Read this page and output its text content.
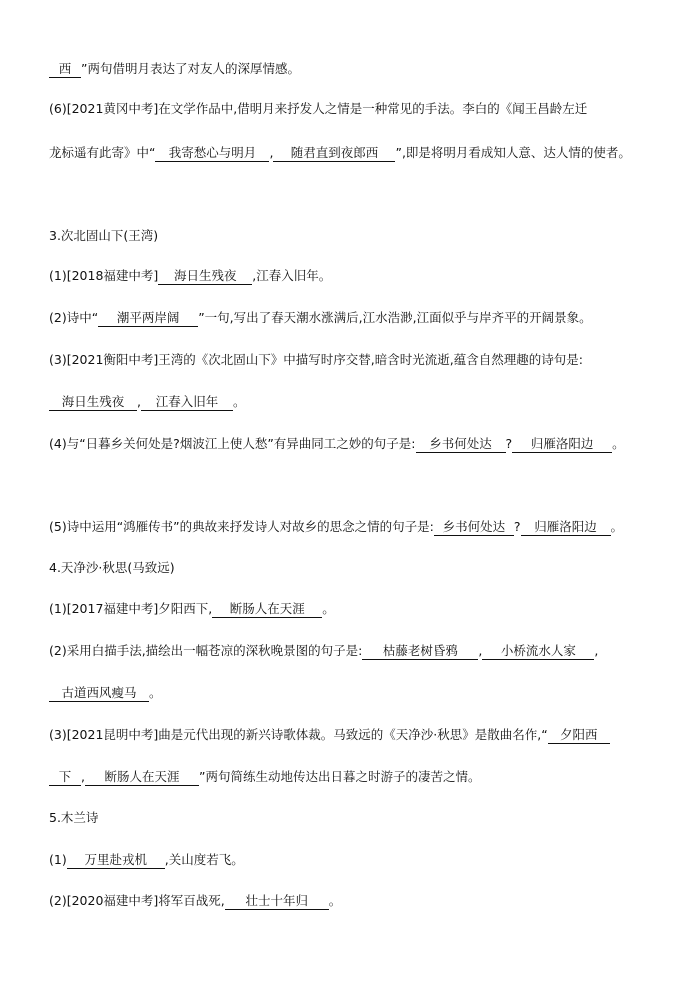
西 ”两句借明月表达了对友人的深厚情感。
(6)[2021黄冈中考]在文学作品中,借明月来抒发人之情是一种常见的手法。李白的《闻王昌龄左迁
龙标遥有此寄》中“ 我寄愁心与明月 , 随君直到夜郎西 ”,即是将明月看成知人意、达人情的使者。
3.次北固山下(王湾)
(1)[2018福建中考] 海日生残夜 ,江春入旧年。
(2)诗中“ 潮平两岸阔 ”一句,写出了春天潮水涨满后,江水浩渺,江面似乎与岸齐平的开阔景象。
(3)[2021衡阳中考]王湾的《次北固山下》中描写时序交替,暗含时光流逝,蕴含自然理趣的诗句是:
海日生残夜 , 江春入旧年 。
(4)与“日暮乡关何处是?烟波江上使人愁”有异曲同工之妙的句子是: 乡书何处达 ? 归雁洛阳边 。
(5)诗中运用“鸿雁传书”的典故来抒发诗人对故乡的思念之情的句子是: 乡书何处达 ? 归雁洛阳边 。
4.天净沙·秋思(马致远)
(1)[2017福建中考]夕阳西下, 断肠人在天涯 。
(2)采用白描手法,描绘出一幅苍凉的深秋晚景图的句子是: 枯藤老树昏鸦 , 小桥流水人家 ,
古道西风瘦马 。
(3)[2021昆明中考]曲是元代出现的新兴诗歌体裁。马致远的《天净沙·秋思》是散曲名作,“ 夕阳西
下 , 断肠人在天涯 ”两句简练生动地传达出日暮之时游子的凄苦之情。
5.木兰诗
(1) 万里赴戎机 ,关山度若飞。
(2)[2020福建中考]将军百战死, 壮士十年归 。
